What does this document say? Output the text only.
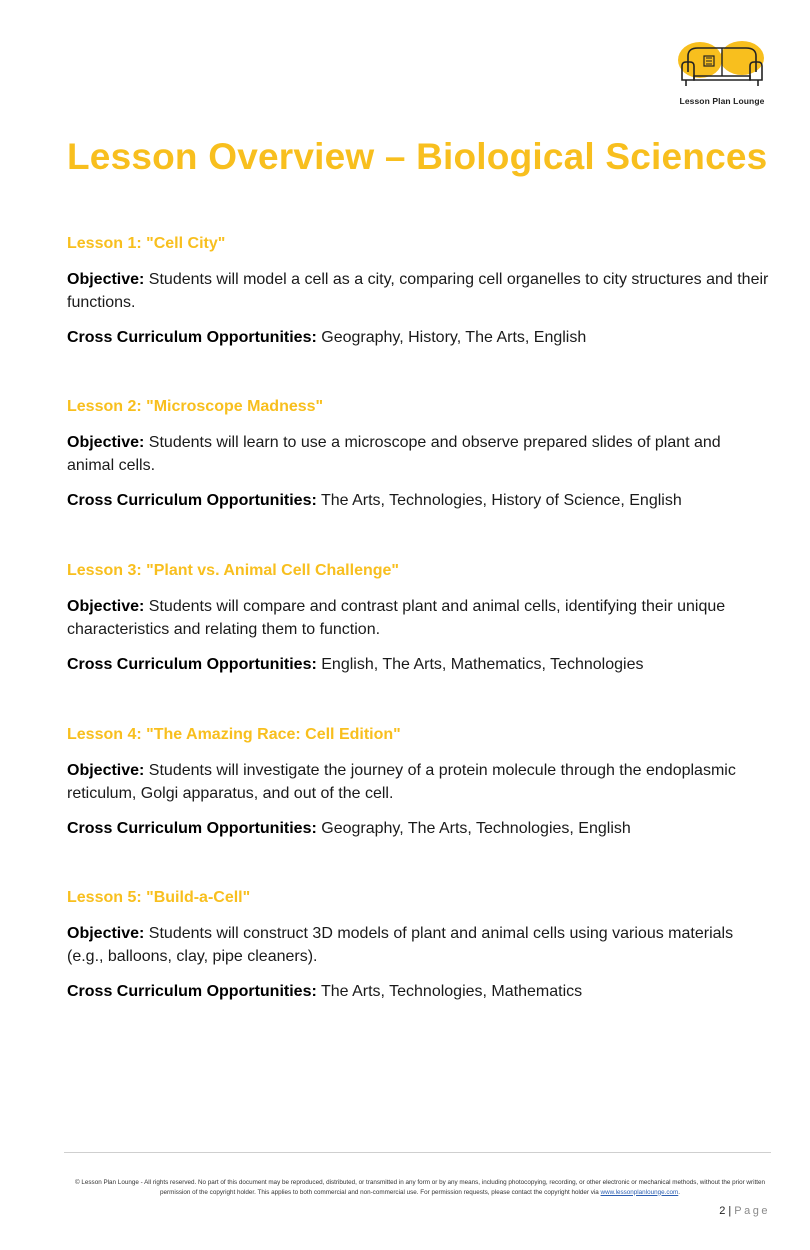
Lesson Plan Lounge
Lesson Overview – Biological Sciences
Lesson 1: "Cell City"

Objective: Students will model a cell as a city, comparing cell organelles to city structures and their functions.

Cross Curriculum Opportunities: Geography, History, The Arts, English

Lesson 2: "Microscope Madness"

Objective: Students will learn to use a microscope and observe prepared slides of plant and animal cells.

Cross Curriculum Opportunities: The Arts, Technologies, History of Science, English

Lesson 3: "Plant vs. Animal Cell Challenge"

Objective: Students will compare and contrast plant and animal cells, identifying their unique characteristics and relating them to function.

Cross Curriculum Opportunities: English, The Arts, Mathematics, Technologies

Lesson 4: "The Amazing Race: Cell Edition"

Objective: Students will investigate the journey of a protein molecule through the endoplasmic reticulum, Golgi apparatus, and out of the cell.

Cross Curriculum Opportunities: Geography, The Arts, Technologies, English

Lesson 5: "Build-a-Cell"

Objective: Students will construct 3D models of plant and animal cells using various materials (e.g., balloons, clay, pipe cleaners).

Cross Curriculum Opportunities: The Arts, Technologies, Mathematics

© Lesson Plan Lounge - All rights reserved. No part of this document may be reproduced, distributed, or transmitted in any form or by any means, including photocopying, recording, or other electronic or mechanical methods, without the prior written permission of the copyright holder. This applies to both commercial and non-commercial use. For permission requests, please contact the copyright holder via www.lessonplanlounge.com.
2 | Page
